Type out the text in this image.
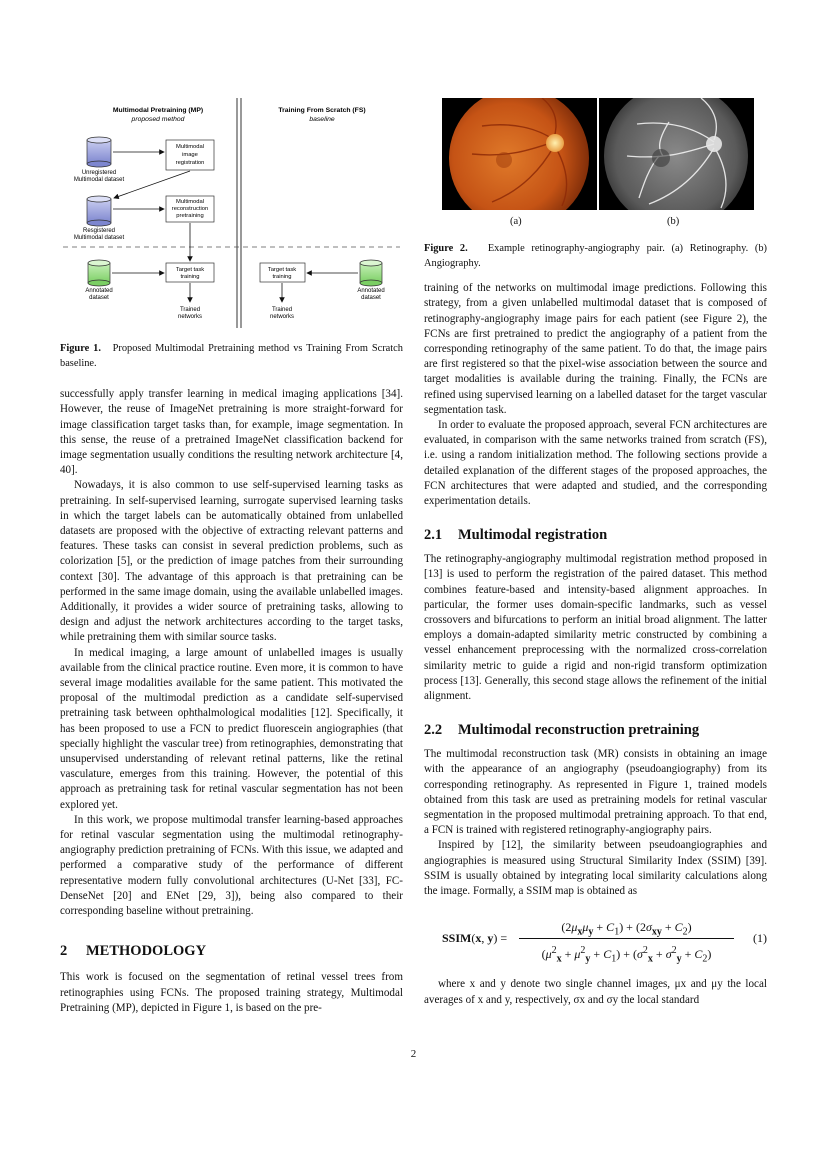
Multimodal Pretraining (MP)
proposed method
Training From Scratch (FS)
baseline
Unregistered
Multimodal dataset
Resgistered
Multimodal dataset
Multimodal
image
registration
Multimodal
reconstruction
pretraining
Target task
training
Target task
training
Annotated
dataset
Annotated
dataset
Trained
networks
Trained
networks

Figure 1. Proposed Multimodal Pretraining method vs Training From Scratch baseline.

successfully apply transfer learning in medical imaging applications [34]. However, the reuse of ImageNet pretraining is more straight-forward for image classification target tasks than, for example, image segmentation. In this sense, the reuse of a pretrained ImageNet classification backend for image segmentation usually conditions the resulting network architecture [4, 40].

Nowadays, it is also common to use self-supervised learning tasks as pretraining. In self-supervised learning, surrogate supervised learning tasks in which the target labels can be automatically obtained from unlabelled datasets are proposed with the objective of extracting relevant patterns and features. These tasks can consist in several prediction problems, such as colorization [5], or the prediction of image patches from their surrounding context [30]. The advantage of this approach is that pretraining can be performed in the same image domain, using the available unlabelled images. Additionally, it provides a wider source of pretraining tasks, allowing to design and adjust the network architectures according to the target tasks, while pretraining them with similar source tasks.

In medical imaging, a large amount of unlabelled images is usually available from the clinical practice routine. Even more, it is common to have several image modalities available for the same patient. This motivated the proposal of the multimodal prediction as a candidate self-supervised pretraining task between ophthalmological modalities [12]. Specifically, it has been proposed to use a FCN to predict fluorescein angiographies (that specially highlight the vascular tree) from retinographies, demonstrating that unsupervised understanding of relevant retinal patterns, like the retinal vasculature, emerges from this training. However, the potential of this approach as pretraining task for retinal vascular segmentation has not been explored yet.

In this work, we propose multimodal transfer learning-based approaches for retinal vascular segmentation using the multimodal retinography-angiography prediction pretraining of FCNs. With this issue, we adapted and performed a comparative study of the performance of different representative modern fully convolutional architectures (U-Net [33], FC-DenseNet [20] and ENet [29, 3]), being also compared to their corresponding baseline without pretraining.

2 METHODOLOGY

This work is focused on the segmentation of retinal vessel trees from retinographies using FCNs. The proposed training strategy, Multimodal Pretraining (MP), depicted in Figure 1, is based on the pre-

(a)	(b)

Figure 2. Example retinography-angiography pair. (a) Retinography. (b) Angiography.

training of the networks on multimodal image predictions. Following this strategy, from a given unlabelled multimodal dataset that is composed of retinography-angiography image pairs for each patient (see Figure 2), the FCNs are first pretrained to predict the angiography of a patient from the corresponding retinography of the same patient. To do that, the image pairs are first registered so that the pixel-wise association between the source and target modalities is available during the training. Finally, the FCNs are refined using supervised learning on a labelled dataset for the target vascular segmentation task.

In order to evaluate the proposed approach, several FCN architectures are evaluated, in comparison with the same networks trained from scratch (FS), i.e. using a random initialization method. The following sections provide a detailed explanation of the different stages of the proposed approaches, the FCN architectures that were adapted and studied, and the corresponding experimentation details.

2.1 Multimodal registration

The retinography-angiography multimodal registration method proposed in [13] is used to perform the registration of the paired dataset. This method combines feature-based and intensity-based alignment approaches. In particular, the former uses domain-specific landmarks, such as vessel crossovers and bifurcations to perform an initial broad alignment. The latter employs a domain-adapted similarity metric constructed by combining a vessel enhancement preprocessing with the normalized cross-correlation similarity metric to guide a rigid and non-rigid transform optimization process [13]. Generally, this second stage allows the refinement of the initial alignment.

2.2 Multimodal reconstruction pretraining

The multimodal reconstruction task (MR) consists in obtaining an image with the appearance of an angiography (pseudoangiography) from its corresponding retinography. As represented in Figure 1, trained models obtained from this task are used as pretraining models for retinal vascular segmentation in the proposed multimodal pretraining approach. To that end, a FCN is trained with registered retinography-angiography pairs.

Inspired by [12], the similarity between pseudoangiographies and angiographies is measured using Structural Similarity Index (SSIM) [39]. SSIM is usually obtained by integrating local similarity calculations along the image. Formally, a SSIM map is obtained as

SSIM(x, y) =
$(2\mu_x\mu_y + C_1) + (2\sigma_{xy} + C_2)$
$(\mu^2_x + \mu^2_y + C_1) + (\sigma^2_x + \sigma^2_y + C_2)$
(1)

where x and y denote two single channel images, μx and μy the local averages of x and y, respectively, σx and σy the local standard

2
